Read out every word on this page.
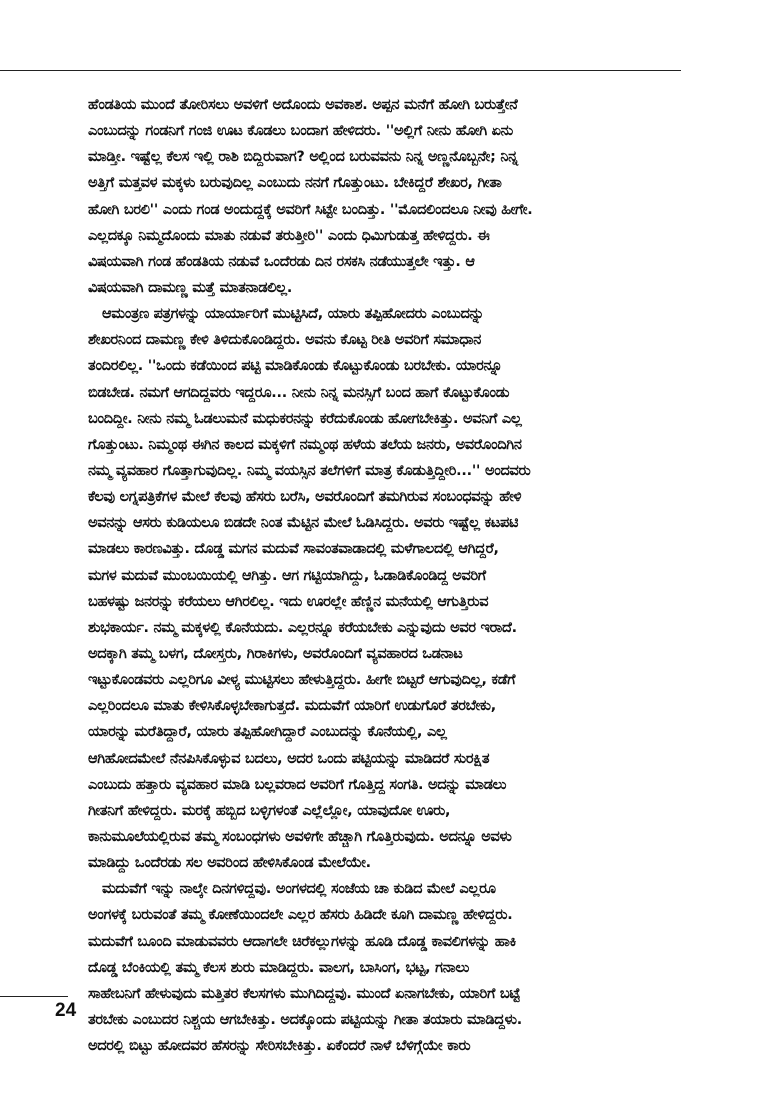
ಹೆಂಡತಿಯ ಮುಂದೆ ತೋರಿಸಲು ಅವಳಿಗೆ ಅದೊಂದು ಅವಕಾಶ. ಅಪ್ಪನ ಮನೆಗೆ ಹೋಗಿ ಬರುತ್ತೇನೆ
ಎಂಬುದನ್ನು ಗಂಡನಿಗೆ ಗಂಜಿ ಊಟ ಕೊಡಲು ಬಂದಾಗ ಹೇಳಿದರು. ''ಅಲ್ಲಿಗೆ ನೀನು ಹೋಗಿ ಏನು
ಮಾಡ್ತೀ. ಇಷ್ಟೆಲ್ಲ ಕೆಲಸ ಇಲ್ಲಿ ರಾಶಿ ಬಿದ್ದಿರುವಾಗ? ಅಲ್ಲಿಂದ ಬರುವವನು ನಿನ್ನ ಅಣ್ಣನೊಬ್ಬನೇ; ನಿನ್ನ
ಅತ್ತಿಗೆ ಮತ್ತವಳ ಮಕ್ಕಳು ಬರುವುದಿಲ್ಲ ಎಂಬುದು ನನಗೆ ಗೊತ್ತುಂಟು. ಬೇಕಿದ್ದರೆ ಶೇಖರ, ಗೀತಾ
ಹೋಗಿ ಬರಲಿ'' ಎಂದು ಗಂಡ ಅಂದುದ್ದಕ್ಕೆ ಅವರಿಗೆ ಸಿಟ್ಟೇ ಬಂದಿತ್ತು. ''ಮೊದಲಿಂದಲೂ ನೀವು ಹೀಗೇ.
ಎಲ್ಲದಕ್ಕೂ ನಿಮ್ಮದೊಂದು ಮಾತು ನಡುವೆ ತರುತ್ತೀರಿ'' ಎಂದು ಧಿಮಿಗುಡುತ್ತ ಹೇಳಿದ್ದರು. ಈ
ವಿಷಯವಾಗಿ ಗಂಡ ಹೆಂಡತಿಯ ನಡುವೆ ಒಂದೆರಡು ದಿನ ರಸಕಸಿ ನಡೆಯುತ್ತಲೇ ಇತ್ತು. ಆ
ವಿಷಯವಾಗಿ ದಾಮಣ್ಣ ಮತ್ತೆ ಮಾತನಾಡಲಿಲ್ಲ.
ಆಮಂತ್ರಣ ಪತ್ರಗಳನ್ನು ಯಾರ್ಯಾರಿಗೆ ಮುಟ್ಟಿಸಿದೆ, ಯಾರು ತಪ್ಪಿಹೋದರು ಎಂಬುದನ್ನು
ಶೇಖರನಿಂದ ದಾಮಣ್ಣ ಕೇಳಿ ತಿಳಿದುಕೊಂಡಿದ್ದರು. ಅವನು ಕೊಟ್ಟ ರೀತಿ ಅವರಿಗೆ ಸಮಾಧಾನ
ತಂದಿರಲಿಲ್ಲ. ''ಒಂದು ಕಡೆಯಿಂದ ಪಟ್ಟಿ ಮಾಡಿಕೊಂಡು ಕೊಟ್ಟುಕೊಂಡು ಬರಬೇಕು. ಯಾರನ್ನೂ
ಬಿಡಬೇಡ. ನಮಗೆ ಆಗದಿದ್ದವರು ಇದ್ದರೂ... ನೀನು ನಿನ್ನ ಮನಸ್ಸಿಗೆ ಬಂದ ಹಾಗೆ ಕೊಟ್ಟುಕೊಂಡು
ಬಂದಿದ್ದೀ. ನೀನು ನಮ್ಮ ಓಡಲುಮನೆ ಮಧುಕರನನ್ನು ಕರೆದುಕೊಂಡು ಹೋಗಬೇಕಿತ್ತು. ಅವನಿಗೆ ಎಲ್ಲ
ಗೊತ್ತುಂಟು. ನಿಮ್ಮಂಥ ಈಗಿನ ಕಾಲದ ಮಕ್ಕಳಿಗೆ ನಮ್ಮಂಥ ಹಳೆಯ ತಲೆಯ ಜನರು, ಅವರೊಂದಿಗಿನ
ನಮ್ಮ ವ್ಯವಹಾರ ಗೊತ್ತಾಗುವುದಿಲ್ಲ. ನಿಮ್ಮ ವಯಸ್ಸಿನ ತಲೆಗಳಿಗೆ ಮಾತ್ರ ಕೊಡುತ್ತಿದ್ದೀರಿ...'' ಅಂದವರು
ಕೆಲವು ಲಗ್ನಪತ್ರಿಕೆಗಳ ಮೇಲೆ ಕೆಲವು ಹೆಸರು ಬರೆಸಿ, ಅವರೊಂದಿಗೆ ತಮಗಿರುವ ಸಂಬಂಧವನ್ನು ಹೇಳಿ
ಅವನನ್ನು ಆಸರು ಕುಡಿಯಲೂ ಬಿಡದೇ ನಿಂತ ಮೆಟ್ಟಿನ ಮೇಲೆ ಓಡಿಸಿದ್ದರು. ಅವರು ಇಷ್ಟೆಲ್ಲ ಕಟಪಟಿ
ಮಾಡಲು ಕಾರಣವಿತ್ತು. ದೊಡ್ಡ ಮಗನ ಮದುವೆ ಸಾವಂತವಾಡಾದಲ್ಲಿ ಮಳೆಗಾಲದಲ್ಲಿ ಆಗಿದ್ದರೆ,
ಮಗಳ ಮದುವೆ ಮುಂಬಯಿಯಲ್ಲಿ ಆಗಿತ್ತು. ಆಗ ಗಟ್ಟಿಯಾಗಿದ್ದು, ಓಡಾಡಿಕೊಂಡಿದ್ದ ಅವರಿಗೆ
ಬಹಳಷ್ಟು ಜನರನ್ನು ಕರೆಯಲು ಆಗಿರಲಿಲ್ಲ. ಇದು ಊರಲ್ಲೇ ಹೆಣ್ಣಿನ ಮನೆಯಲ್ಲಿ ಆಗುತ್ತಿರುವ
ಶುಭಕಾರ್ಯ. ನಮ್ಮ ಮಕ್ಕಳಲ್ಲಿ ಕೊನೆಯದು. ಎಲ್ಲರನ್ನೂ ಕರೆಯಬೇಕು ಎನ್ನುವುದು ಅವರ ಇರಾದೆ.
ಅದಕ್ಕಾಗಿ ತಮ್ಮ ಬಳಗ, ದೋಸ್ತರು, ಗಿರಾಕಿಗಳು, ಅವರೊಂದಿಗೆ ವ್ಯವಹಾರದ ಒಡನಾಟ
ಇಟ್ಟುಕೊಂಡವರು ಎಲ್ಲರಿಗೂ ವೀಳ್ಯ ಮುಟ್ಟಿಸಲು ಹೇಳುತ್ತಿದ್ದರು. ಹೀಗೇ ಬಿಟ್ಟರೆ ಆಗುವುದಿಲ್ಲ, ಕಡೆಗೆ
ಎಲ್ಲರಿಂದಲೂ ಮಾತು ಕೇಳಿಸಿಕೊಳ್ಳಬೇಕಾಗುತ್ತದೆ. ಮದುವೆಗೆ ಯಾರಿಗೆ ಉಡುಗೊರೆ ತರಬೇಕು,
ಯಾರನ್ನು ಮರೆತಿದ್ದಾರೆ, ಯಾರು ತಪ್ಪಿಹೋಗಿದ್ದಾರೆ ಎಂಬುದನ್ನು ಕೊನೆಯಲ್ಲಿ, ಎಲ್ಲ
ಆಗಿಹೋದಮೇಲೆ ನೆನಪಿಸಿಕೊಳ್ಳುವ ಬದಲು, ಅದರ ಒಂದು ಪಟ್ಟಿಯನ್ನು ಮಾಡಿದರೆ ಸುರಕ್ಷಿತ
ಎಂಬುದು ಹತ್ತಾರು ವ್ಯವಹಾರ ಮಾಡಿ ಬಲ್ಲವರಾದ ಅವರಿಗೆ ಗೊತ್ತಿದ್ದ ಸಂಗತಿ. ಅದನ್ನು ಮಾಡಲು
ಗೀತನಿಗೆ ಹೇಳಿದ್ದರು. ಮರಕ್ಕೆ ಹಬ್ಬಿದ ಬಳ್ಳಿಗಳಂತೆ ಎಲ್ಲೆಲ್ಲೋ, ಯಾವುದೋ ಊರು,
ಕಾನುಮೂಲೆಯಲ್ಲಿರುವ ತಮ್ಮ ಸಂಬಂಧಗಳು ಅವಳಿಗೇ ಹೆಚ್ಚಾಗಿ ಗೊತ್ತಿರುವುದು. ಅದನ್ನೂ ಅವಳು
ಮಾಡಿದ್ದು ಒಂದೆರಡು ಸಲ ಅವರಿಂದ ಹೇಳಿಸಿಕೊಂಡ ಮೇಲೆಯೇ.
ಮದುವೆಗೆ ಇನ್ನು ನಾಲ್ಕೇ ದಿನಗಳಿದ್ದವು. ಅಂಗಳದಲ್ಲಿ ಸಂಜೆಯ ಚಾ ಕುಡಿದ ಮೇಲೆ ಎಲ್ಲರೂ
ಅಂಗಳಕ್ಕೆ ಬರುವಂತೆ ತಮ್ಮ ಕೋಣೆಯಿಂದಲೇ ಎಲ್ಲರ ಹೆಸರು ಹಿಡಿದೇ ಕೂಗಿ ದಾಮಣ್ಣ ಹೇಳಿದ್ದರು.
ಮದುವೆಗೆ ಬೂಂದಿ ಮಾಡುವವರು ಆದಾಗಲೇ ಚಿರೆಕಲ್ಲುಗಳನ್ನು ಹೂಡಿ ದೊಡ್ಡ ಕಾವಲಿಗಳನ್ನು ಹಾಕಿ
ದೊಡ್ಡ ಬೆಂಕಿಯಲ್ಲಿ ತಮ್ಮ ಕೆಲಸ ಶುರು ಮಾಡಿದ್ದರು. ವಾಲಗ, ಬಾಸಿಂಗ, ಭಟ್ಟ, ಗನಾಲು
ಸಾಹೇಬನಿಗೆ ಹೇಳುವುದು ಮತ್ತಿತರ ಕೆಲಸಗಳು ಮುಗಿದಿದ್ದವು. ಮುಂದೆ ಏನಾಗಬೇಕು, ಯಾರಿಗೆ ಬಟ್ಟೆ
ತರಬೇಕು ಎಂಬುದರ ನಿಶ್ಚಯ ಆಗಬೇಕಿತ್ತು. ಅದಕ್ಕೊಂದು ಪಟ್ಟಿಯನ್ನು ಗೀತಾ ತಯಾರು ಮಾಡಿದ್ದಳು.
ಅದರಲ್ಲಿ ಬಿಟ್ಟು ಹೋದವರ ಹೆಸರನ್ನು ಸೇರಿಸಬೇಕಿತ್ತು. ಏಕೆಂದರೆ ನಾಳೆ ಬೆಳಿಗ್ಗೆಯೇ ಕಾರು
24
